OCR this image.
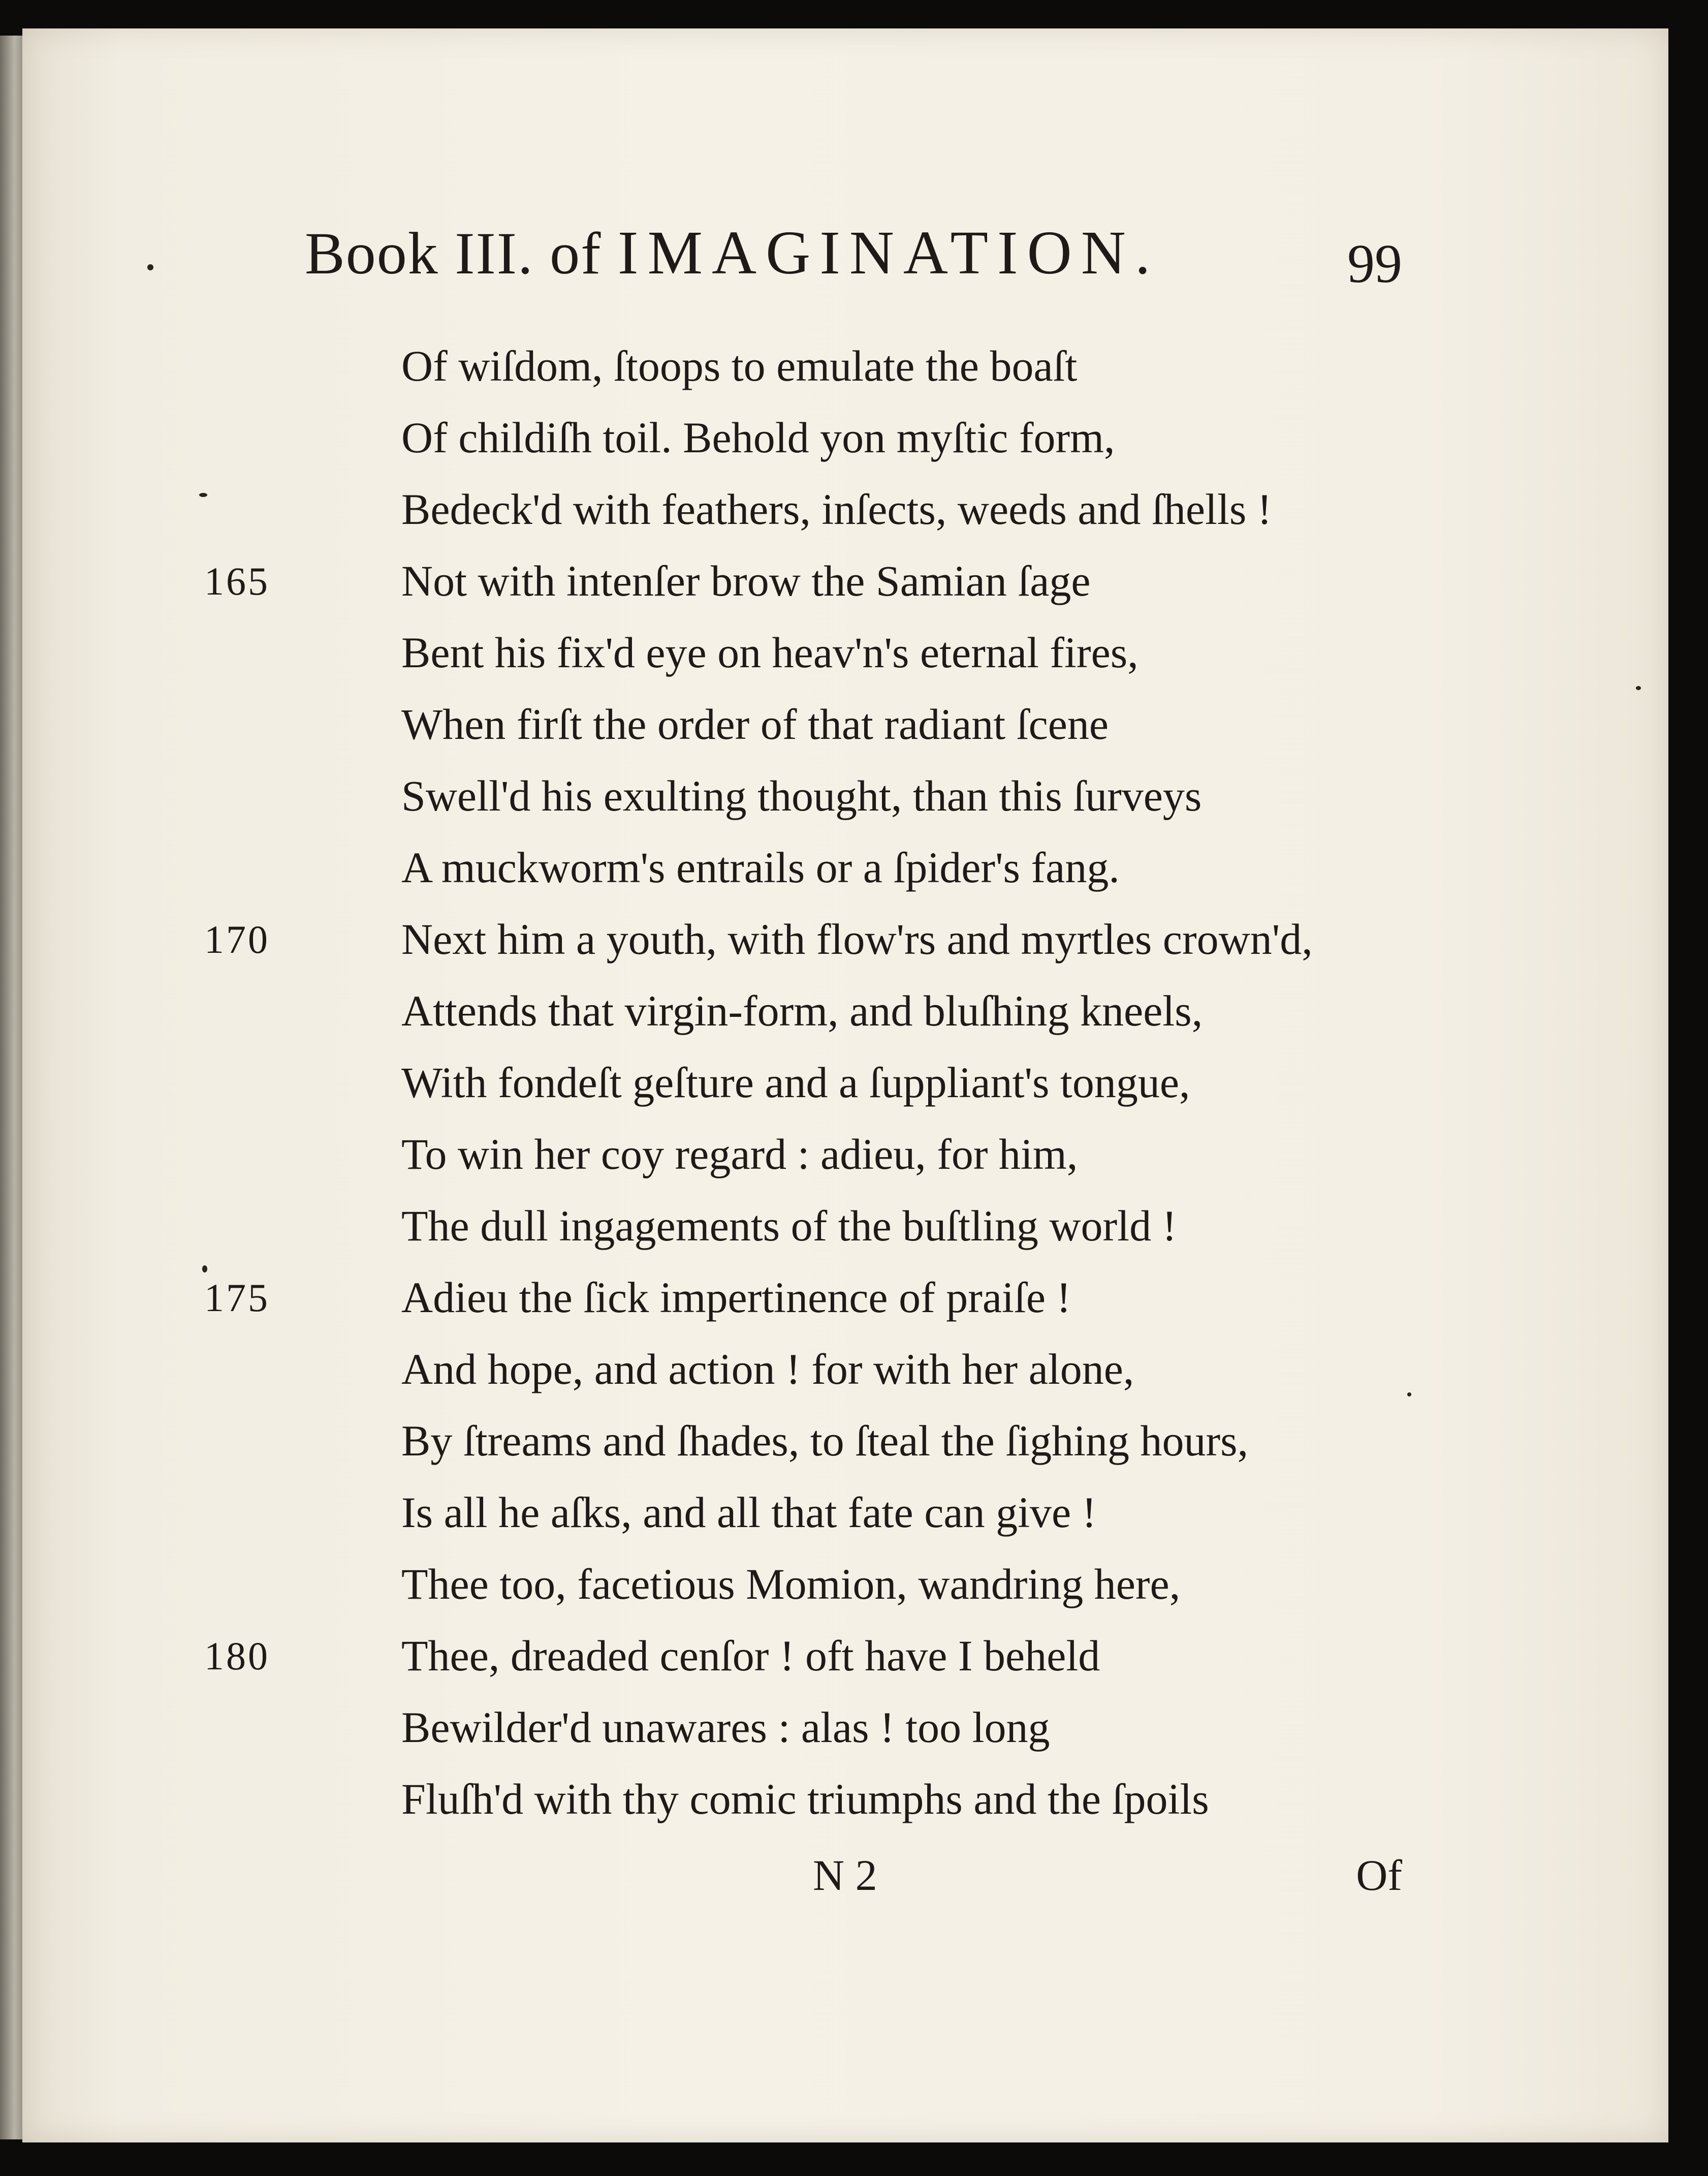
Book III. of IMAGINATION.	99
Of wiſdom, ſtoops to emulate the boaſt
Of childiſh toil. Behold yon myſtic form,
Bedeck'd with feathers, inſects, weeds and ſhells !
165	Not with intenſer brow the Samian ſage
Bent his fix'd eye on heav'n's eternal fires,
When firſt the order of that radiant ſcene
Swell'd his exulting thought, than this ſurveys
A muckworm's entrails or a ſpider's fang.
170	Next him a youth, with flow'rs and myrtles crown'd,
Attends that virgin-form, and bluſhing kneels,
With fondeſt geſture and a ſuppliant's tongue,
To win her coy regard : adieu, for him,
The dull ingagements of the buſtling world !
175	Adieu the ſick impertinence of praiſe !
And hope, and action ! for with her alone,
By ſtreams and ſhades, to ſteal the ſighing hours,
Is all he aſks, and all that fate can give !
Thee too, facetious Momion, wandring here,
180	Thee, dreaded cenſor ! oft have I beheld
Bewilder'd unawares : alas ! too long
Fluſh'd with thy comic triumphs and the ſpoils
N 2	Of
